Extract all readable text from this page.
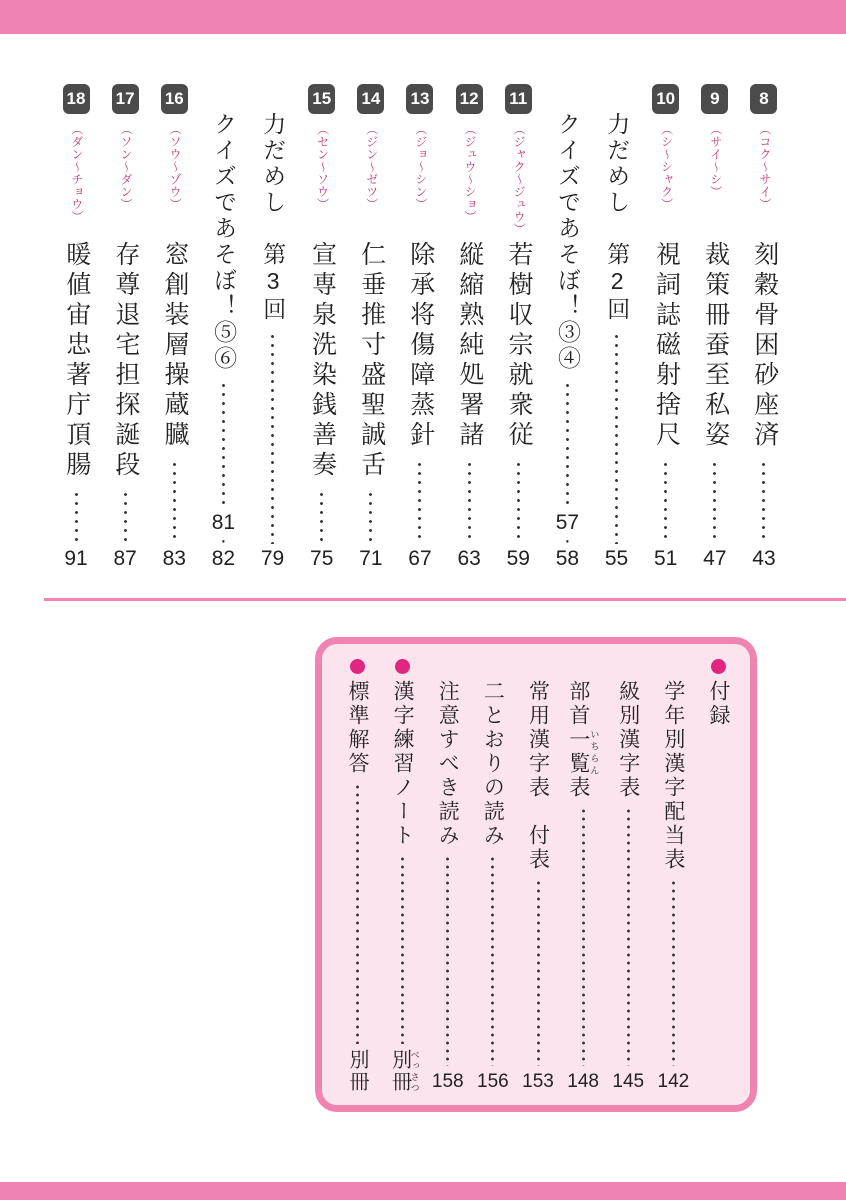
8
（コク〜サイ）
刻穀骨困砂座済
43
9
（サイ〜シ）
裁策冊蚕至私姿
47
10
（シ〜シャク）
視詞誌磁射捨尺
51
力だめし　第2回
55
クイズであそぼ！③④
57
·
58
11
（ジャク〜ジュウ）
若樹収宗就衆従
59
12
（ジュウ〜ショ）
縦縮熟純処署諸
63
13
（ジョ〜シン）
除承将傷障蒸針
67
14
（ジン〜ゼツ）
仁垂推寸盛聖誠舌
71
15
（セン〜ソウ）
宣専泉洗染銭善奏
75
力だめし　第3回
79
クイズであそぼ！⑤⑥
81
·
82
16
（ソウ〜ゾウ）
窓創装層操蔵臓
83
17
（ソン〜ダン）
存尊退宅担探誕段
87
18
（ダン〜チョウ）
暖値宙忠著庁頂腸
91
付録
学年別漢字配当表
142
級別漢字表
145
部首一覧 いちらん表
148
常用漢字表　付表
153
二とおりの読み
156
注意すべき読み
158
漢字練習ノート
別冊 べっさつ
標準解答
別冊
